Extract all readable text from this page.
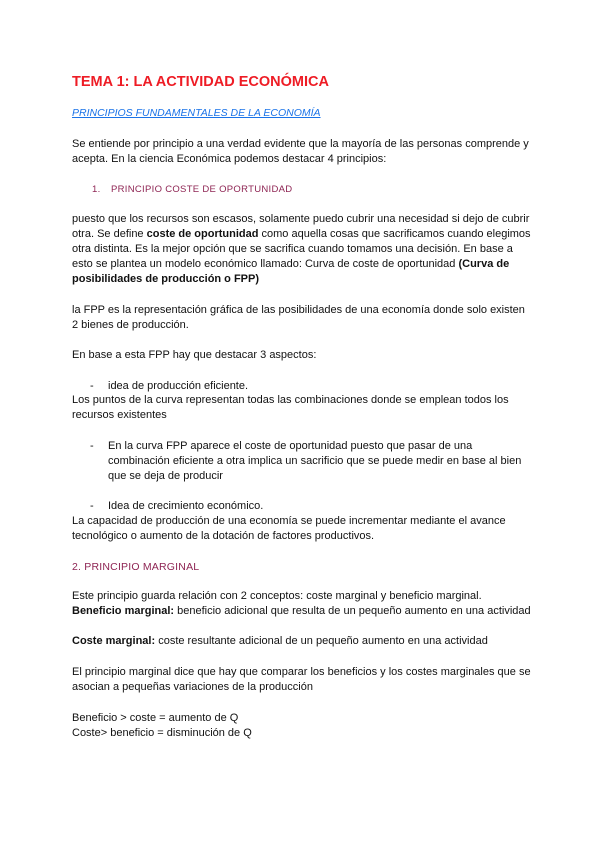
TEMA 1: LA ACTIVIDAD ECONÓMICA

PRINCIPIOS FUNDAMENTALES DE LA ECONOMÍA

Se entiende por principio a una verdad evidente que la mayoría de las personas comprende y acepta. En la ciencia Económica podemos destacar 4 principios:

1. PRINCIPIO COSTE DE OPORTUNIDAD

puesto que los recursos son escasos, solamente puedo cubrir una necesidad si dejo de cubrir otra. Se define coste de oportunidad como aquella cosas que sacrificamos cuando elegimos otra distinta. Es la mejor opción que se sacrifica cuando tomamos una decisión. En base a esto se plantea un modelo económico llamado: Curva de coste de oportunidad (Curva de posibilidades de producción o FPP)

la FPP es la representación gráfica de las posibilidades de una economía donde solo existen 2 bienes de producción.

En base a esta FPP hay que destacar 3 aspectos:

- idea de producción eficiente.

Los puntos de la curva representan todas las combinaciones donde se emplean todos los recursos existentes

- En la curva FPP aparece el coste de oportunidad puesto que pasar de una combinación eficiente a otra implica un sacrificio que se puede medir en base al bien que se deja de producir

- Idea de crecimiento económico.

La capacidad de producción de una economía se puede incrementar mediante el avance tecnológico o aumento de la dotación de factores productivos.

2. PRINCIPIO MARGINAL

Este principio guarda relación con 2 conceptos: coste marginal y beneficio marginal.

Beneficio marginal: beneficio adicional que resulta de un pequeño aumento en una actividad

Coste marginal: coste resultante adicional de un pequeño aumento en una actividad

El principio marginal dice que hay que comparar los beneficios y los costes marginales que se asocian a pequeñas variaciones de la producción

Beneficio > coste = aumento de Q

Coste> beneficio = disminución de Q
